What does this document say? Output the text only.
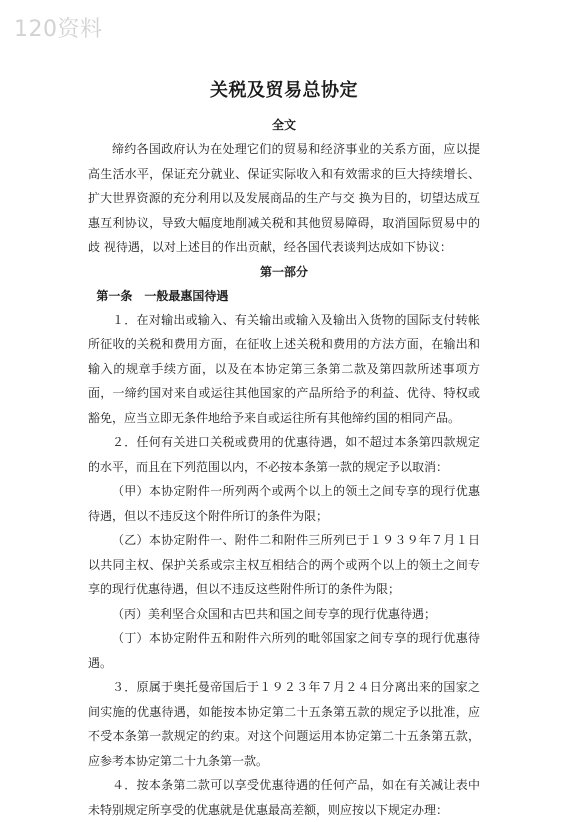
120资料
关税及贸易总协定
全文

缔约各国政府认为在处理它们的贸易和经济事业的关系方面，应以提高生活水平，保证充分就业、保证实际收入和有效需求的巨大持续增长、扩大世界资源的充分利用以及发展商品的生产与交 换为目的，切望达成互惠互利协议，导致大幅度地削减关税和其他贸易障碍，取消国际贸易中的歧 视待遇，以对上述目的作出贡献，经各国代表谈判达成如下协议：

第一部分
第一条　一般最惠国待遇

１．在对输出或输入、有关输出或输入及输出入货物的国际支付转帐所征收的关税和费用方面，在征收上述关税和费用的方法方面，在输出和输入的规章手续方面，以及在本协定第三条第二款及第四款所述事项方面，一缔约国对来自或运往其他国家的产品所给予的利益、优待、特权或豁免，应当立即无条件地给予来自或运往所有其他缔约国的相同产品。

２．任何有关进口关税或费用的优惠待遇，如不超过本条第四款规定的水平，而且在下列范围以内，不必按本条第一款的规定予以取消：

（甲）本协定附件一所列两个或两个以上的领土之间专享的现行优惠待遇，但以不违反这个附件所订的条件为限；

（乙）本协定附件一、附件二和附件三所列已于１９３９年７月１日以共同主权、保护关系或宗主权互相结合的两个或两个以上的领土之间专享的现行优惠待遇，但以不违反这些附件所订的条件为限；

（丙）美利坚合众国和古巴共和国之间专享的现行优惠待遇；

（丁）本协定附件五和附件六所列的毗邻国家之间专享的现行优惠待遇。

３．原属于奥托曼帝国后于１９２３年７月２４日分离出来的国家之间实施的优惠待遇，如能按本协定第二十五条第五款的规定予以批准，应不受本条第一款规定的约束。对这个问题运用本协定第二十五条第五款，应参考本协定第二十九条第一款。

４．按本条第二款可以享受优惠待遇的任何产品，如在有关减让表中未特别规定所享受的优惠就是优惠最高差额，则应按以下规定办理：
